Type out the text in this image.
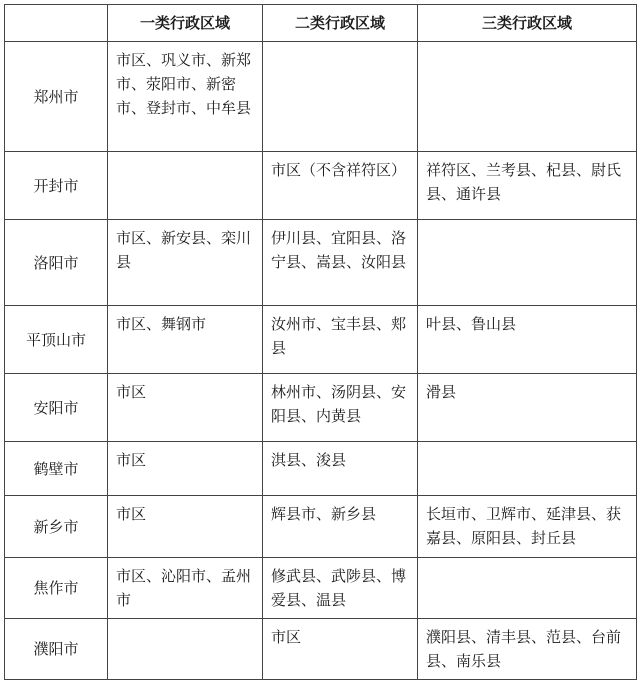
	一类行政区域	二类行政区域	三类行政区域
郑州市	市区、巩义市、新郑市、荥阳市、新密市、登封市、中牟县		
开封市		市区（不含祥符区）	祥符区、兰考县、杞县、尉氏县、通许县
洛阳市	市区、新安县、栾川县	伊川县、宜阳县、洛宁县、嵩县、汝阳县	
平顶山市	市区、舞钢市	汝州市、宝丰县、郏县	叶县、鲁山县
安阳市	市区	林州市、汤阴县、安阳县、内黄县	滑县
鹤壁市	市区	淇县、浚县	
新乡市	市区	辉县市、新乡县	长垣市、卫辉市、延津县、获嘉县、原阳县、封丘县
焦作市	市区、沁阳市、孟州市	修武县、武陟县、博爱县、温县	
濮阳市		市区	濮阳县、清丰县、范县、台前县、南乐县
